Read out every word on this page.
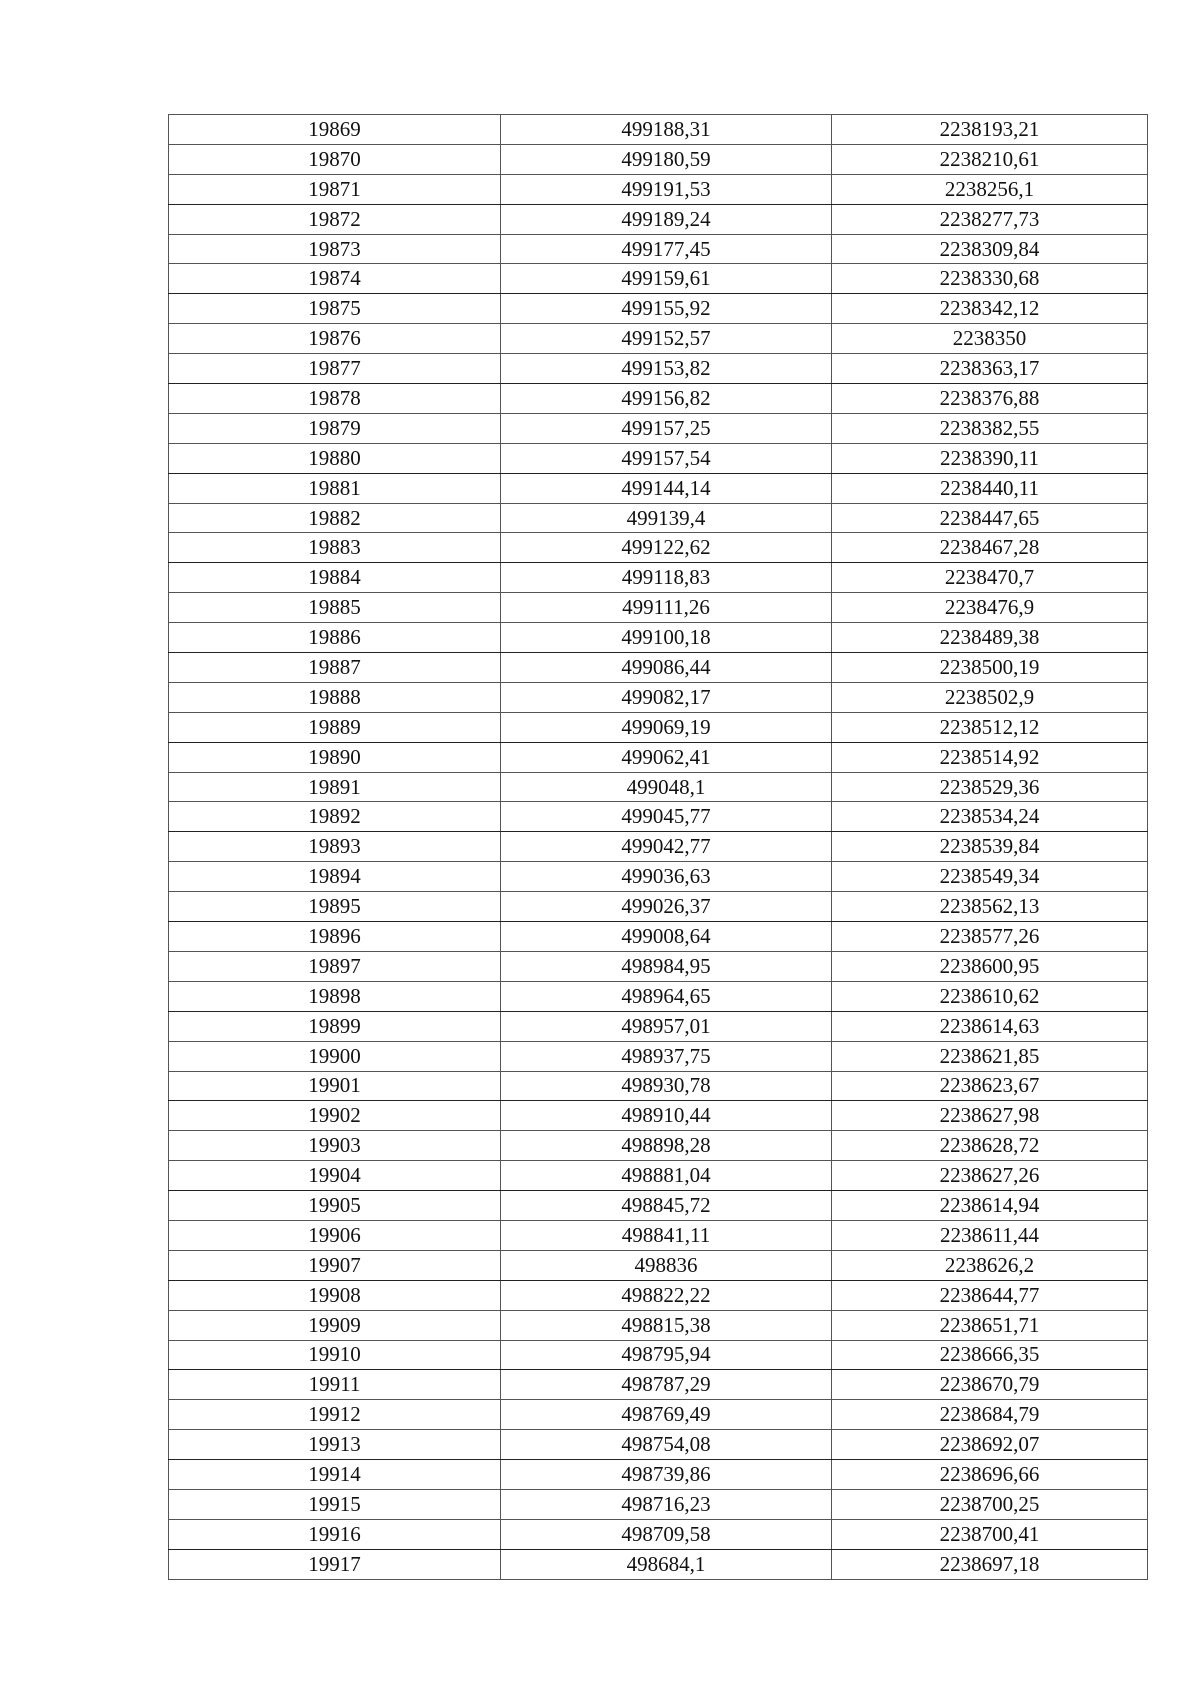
19869	499188,31	2238193,21
19870	499180,59	2238210,61
19871	499191,53	2238256,1
19872	499189,24	2238277,73
19873	499177,45	2238309,84
19874	499159,61	2238330,68
19875	499155,92	2238342,12
19876	499152,57	2238350
19877	499153,82	2238363,17
19878	499156,82	2238376,88
19879	499157,25	2238382,55
19880	499157,54	2238390,11
19881	499144,14	2238440,11
19882	499139,4	2238447,65
19883	499122,62	2238467,28
19884	499118,83	2238470,7
19885	499111,26	2238476,9
19886	499100,18	2238489,38
19887	499086,44	2238500,19
19888	499082,17	2238502,9
19889	499069,19	2238512,12
19890	499062,41	2238514,92
19891	499048,1	2238529,36
19892	499045,77	2238534,24
19893	499042,77	2238539,84
19894	499036,63	2238549,34
19895	499026,37	2238562,13
19896	499008,64	2238577,26
19897	498984,95	2238600,95
19898	498964,65	2238610,62
19899	498957,01	2238614,63
19900	498937,75	2238621,85
19901	498930,78	2238623,67
19902	498910,44	2238627,98
19903	498898,28	2238628,72
19904	498881,04	2238627,26
19905	498845,72	2238614,94
19906	498841,11	2238611,44
19907	498836	2238626,2
19908	498822,22	2238644,77
19909	498815,38	2238651,71
19910	498795,94	2238666,35
19911	498787,29	2238670,79
19912	498769,49	2238684,79
19913	498754,08	2238692,07
19914	498739,86	2238696,66
19915	498716,23	2238700,25
19916	498709,58	2238700,41
19917	498684,1	2238697,18
